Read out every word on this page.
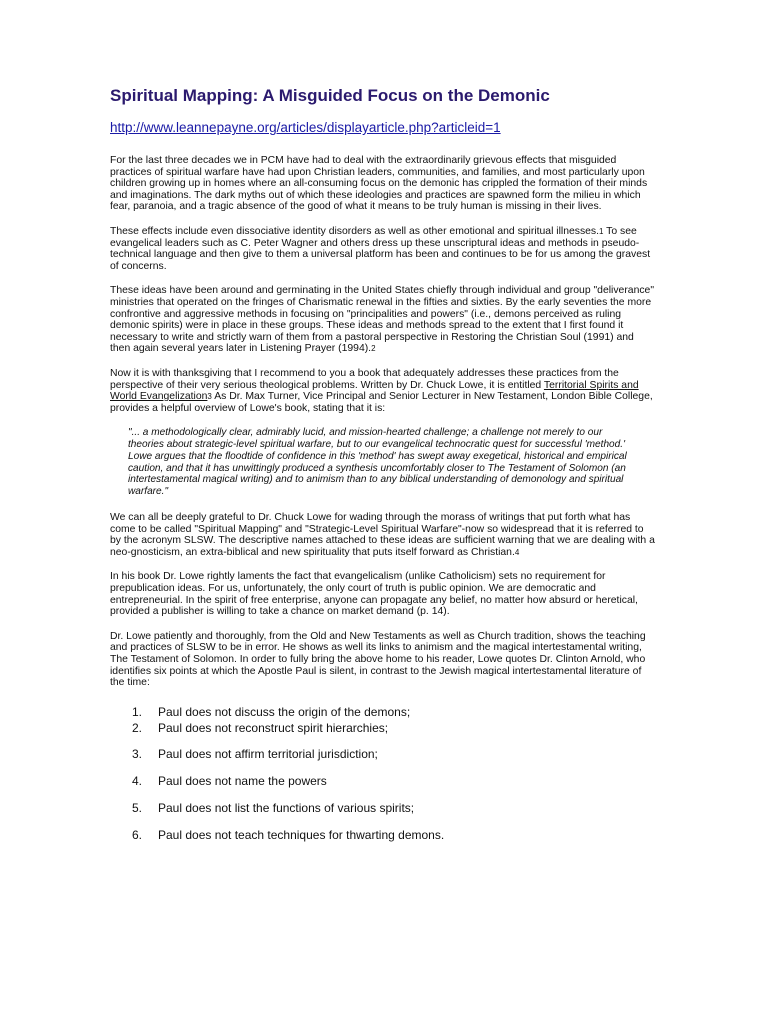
Spiritual Mapping: A Misguided Focus on the Demonic
http://www.leannepayne.org/articles/displayarticle.php?articleid=1

For the last three decades we in PCM have had to deal with the extraordinarily grievous effects that misguided practices of spiritual warfare have had upon Christian leaders, communities, and families, and most particularly upon children growing up in homes where an all-consuming focus on the demonic has crippled the formation of their minds and imaginations. The dark myths out of which these ideologies and practices are spawned form the milieu in which fear, paranoia, and a tragic absence of the good of what it means to be truly human is missing in their lives.

These effects include even dissociative identity disorders as well as other emotional and spiritual illnesses.1 To see evangelical leaders such as C. Peter Wagner and others dress up these unscriptural ideas and methods in pseudo-technical language and then give to them a universal platform has been and continues to be for us among the gravest of concerns.

These ideas have been around and germinating in the United States chiefly through individual and group "deliverance" ministries that operated on the fringes of Charismatic renewal in the fifties and sixties. By the early seventies the more confrontive and aggressive methods in focusing on "principalities and powers" (i.e., demons perceived as ruling demonic spirits) were in place in these groups. These ideas and methods spread to the extent that I first found it necessary to write and strictly warn of them from a pastoral perspective in Restoring the Christian Soul (1991) and then again several years later in Listening Prayer (1994).2

Now it is with thanksgiving that I recommend to you a book that adequately addresses these practices from the perspective of their very serious theological problems. Written by Dr. Chuck Lowe, it is entitled Territorial Spirits and World Evangelization3 As Dr. Max Turner, Vice Principal and Senior Lecturer in New Testament, London Bible College, provides a helpful overview of Lowe's book, stating that it is:

"... a methodologically clear, admirably lucid, and mission-hearted challenge; a challenge not merely to our theories about strategic-level spiritual warfare, but to our evangelical technocratic quest for successful 'method.' Lowe argues that the floodtide of confidence in this 'method' has swept away exegetical, historical and empirical caution, and that it has unwittingly produced a synthesis uncomfortably closer to The Testament of Solomon (an intertestamental magical writing) and to animism than to any biblical understanding of demonology and spiritual warfare."

We can all be deeply grateful to Dr. Chuck Lowe for wading through the morass of writings that put forth what has come to be called "Spiritual Mapping" and "Strategic-Level Spiritual Warfare"-now so widespread that it is referred to by the acronym SLSW. The descriptive names attached to these ideas are sufficient warning that we are dealing with a neo-gnosticism, an extra-biblical and new spirituality that puts itself forward as Christian.4

In his book Dr. Lowe rightly laments the fact that evangelicalism (unlike Catholicism) sets no requirement for prepublication ideas. For us, unfortunately, the only court of truth is public opinion. We are democratic and entrepreneurial. In the spirit of free enterprise, anyone can propagate any belief, no matter how absurd or heretical, provided a publisher is willing to take a chance on market demand (p. 14).

Dr. Lowe patiently and thoroughly, from the Old and New Testaments as well as Church tradition, shows the teaching and practices of SLSW to be in error. He shows as well its links to animism and the magical intertestamental writing, The Testament of Solomon. In order to fully bring the above home to his reader, Lowe quotes Dr. Clinton Arnold, who identifies six points at which the Apostle Paul is silent, in contrast to the Jewish magical intertestamental literature of the time:

1.	Paul does not discuss the origin of the demons;
2.	Paul does not reconstruct spirit hierarchies;
3.	Paul does not affirm territorial jurisdiction;
4.	Paul does not name the powers
5.	Paul does not list the functions of various spirits;
6.	Paul does not teach techniques for thwarting demons.
